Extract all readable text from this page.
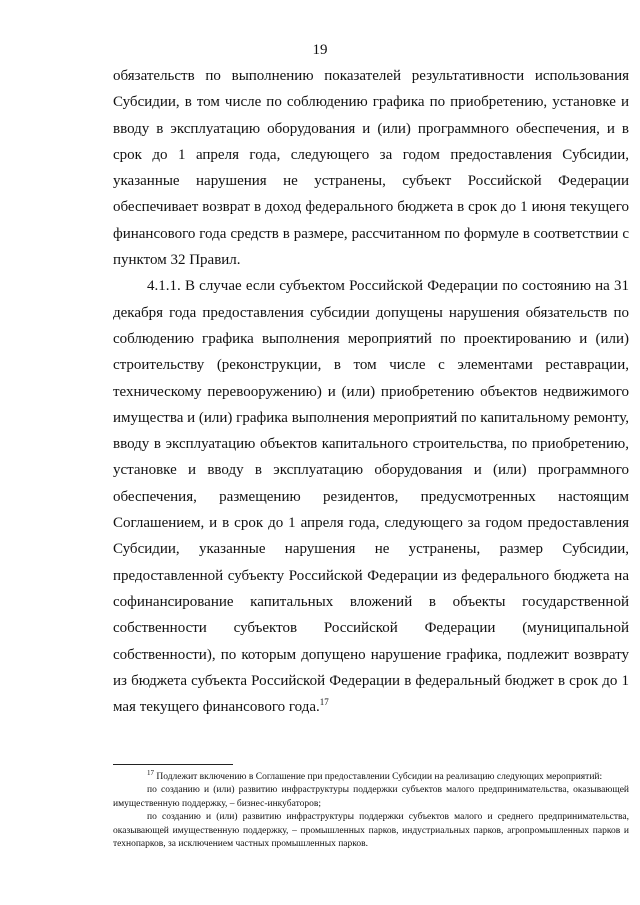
19

обязательств по выполнению показателей результативности использования Субсидии, в том числе по соблюдению графика по приобретению, установке и вводу в эксплуатацию оборудования и (или) программного обеспечения, и в срок до 1 апреля года, следующего за годом предоставления Субсидии, указанные нарушения не устранены, субъект Российской Федерации обеспечивает возврат в доход федерального бюджета в срок до 1 июня текущего финансового года средств в размере, рассчитанном по формуле в соответствии с пунктом 32 Правил.

4.1.1. В случае если субъектом Российской Федерации по состоянию на 31 декабря года предоставления субсидии допущены нарушения обязательств по соблюдению графика выполнения мероприятий по проектированию и (или) строительству (реконструкции, в том числе с элементами реставрации, техническому перевооружению) и (или) приобретению объектов недвижимого имущества и (или) графика выполнения мероприятий по капитальному ремонту, вводу в эксплуатацию объектов капитального строительства, по приобретению, установке и вводу в эксплуатацию оборудования и (или) программного обеспечения, размещению резидентов, предусмотренных настоящим Соглашением, и в срок до 1 апреля года, следующего за годом предоставления Субсидии, указанные нарушения не устранены, размер Субсидии, предоставленной субъекту Российской Федерации из федерального бюджета на софинансирование капитальных вложений в объекты государственной собственности субъектов Российской Федерации (муниципальной собственности), по которым допущено нарушение графика, подлежит возврату из бюджета субъекта Российской Федерации в федеральный бюджет в срок до 1 мая текущего финансового года.$^{17}$

$^{17}$ Подлежит включению в Соглашение при предоставлении Субсидии на реализацию следующих мероприятий:

по созданию и (или) развитию инфраструктуры поддержки субъектов малого предпринимательства, оказывающей имущественную поддержку, – бизнес-инкубаторов;

по созданию и (или) развитию инфраструктуры поддержки субъектов малого и среднего предпринимательства, оказывающей имущественную поддержку, – промышленных парков, индустриальных парков, агропромышленных парков и технопарков, за исключением частных промышленных парков.
